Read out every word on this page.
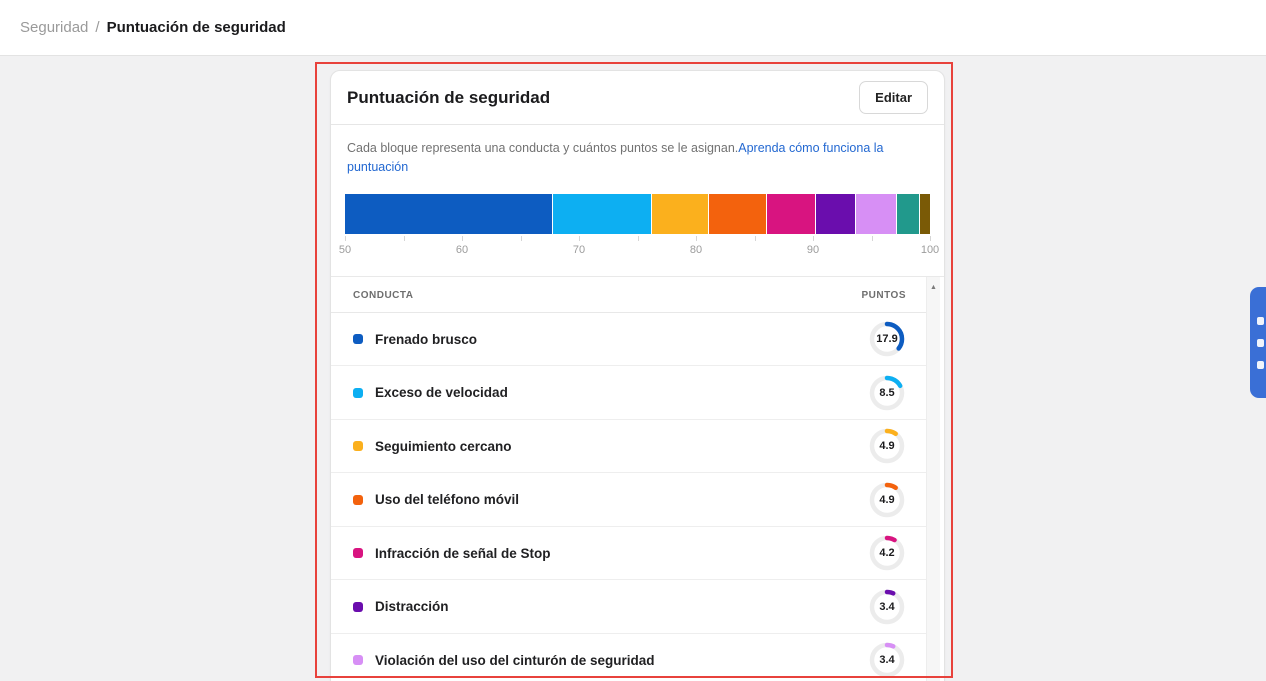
Seguridad / Puntuación de seguridad
Puntuación de seguridad	Editar

Cada bloque representa una conducta y cuántos puntos se le asignan.Aprenda cómo funciona la puntuación

50	60	70	80	90	100
CONDUCTA	PUNTOS
Frenado brusco	17.9
Exceso de velocidad	8.5
Seguimiento cercano	4.9
Uso del teléfono móvil	4.9
Infracción de señal de Stop	4.2
Distracción	3.4
Violación del uso del cinturón de seguridad	3.4
▲
